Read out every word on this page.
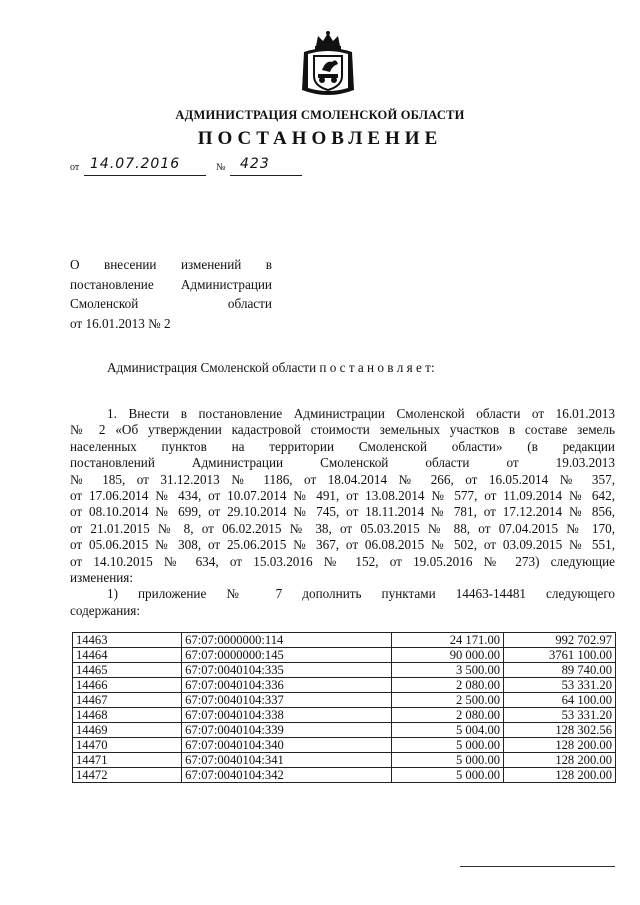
АДМИНИСТРАЦИЯ СМОЛЕНСКОЙ ОБЛАСТИ
ПОСТАНОВЛЕНИЕ
от 14.07.2016	№ 423
О внесении изменений в
постановление Администрации
Смоленской области
от 16.01.2013 № 2
Администрация Смоленской области п о с т а н о в л я е т:
1. Внести в постановление Администрации Смоленской области от 16.01.2013
№ 2 «Об утверждении кадастровой стоимости земельных участков в составе земель
населенных пунктов на территории Смоленской области» (в редакции
постановлений Администрации Смоленской области от 19.03.2013
№ 185, от 31.12.2013 № 1186, от 18.04.2014 № 266, от 16.05.2014 № 357,
от 17.06.2014 № 434, от 10.07.2014 № 491, от 13.08.2014 № 577, от 11.09.2014 № 642,
от 08.10.2014 № 699, от 29.10.2014 № 745, от 18.11.2014 № 781, от 17.12.2014 № 856,
от 21.01.2015 № 8, от 06.02.2015 № 38, от 05.03.2015 № 88, от 07.04.2015 № 170,
от 05.06.2015 № 308, от 25.06.2015 № 367, от 06.08.2015 № 502, от 03.09.2015 № 551,
от 14.10.2015 № 634, от 15.03.2016 № 152, от 19.05.2016 № 273) следующие
изменения:
1) приложение № 7 дополнить пунктами 14463-14481 следующего
содержания:
14463	67:07:0000000:114	24 171.00	992 702.97
14464	67:07:0000000:145	90 000.00	3761 100.00
14465	67:07:0040104:335	3 500.00	89 740.00
14466	67:07:0040104:336	2 080.00	53 331.20
14467	67:07:0040104:337	2 500.00	64 100.00
14468	67:07:0040104:338	2 080.00	53 331.20
14469	67:07:0040104:339	5 004.00	128 302.56
14470	67:07:0040104:340	5 000.00	128 200.00
14471	67:07:0040104:341	5 000.00	128 200.00
14472	67:07:0040104:342	5 000.00	128 200.00
